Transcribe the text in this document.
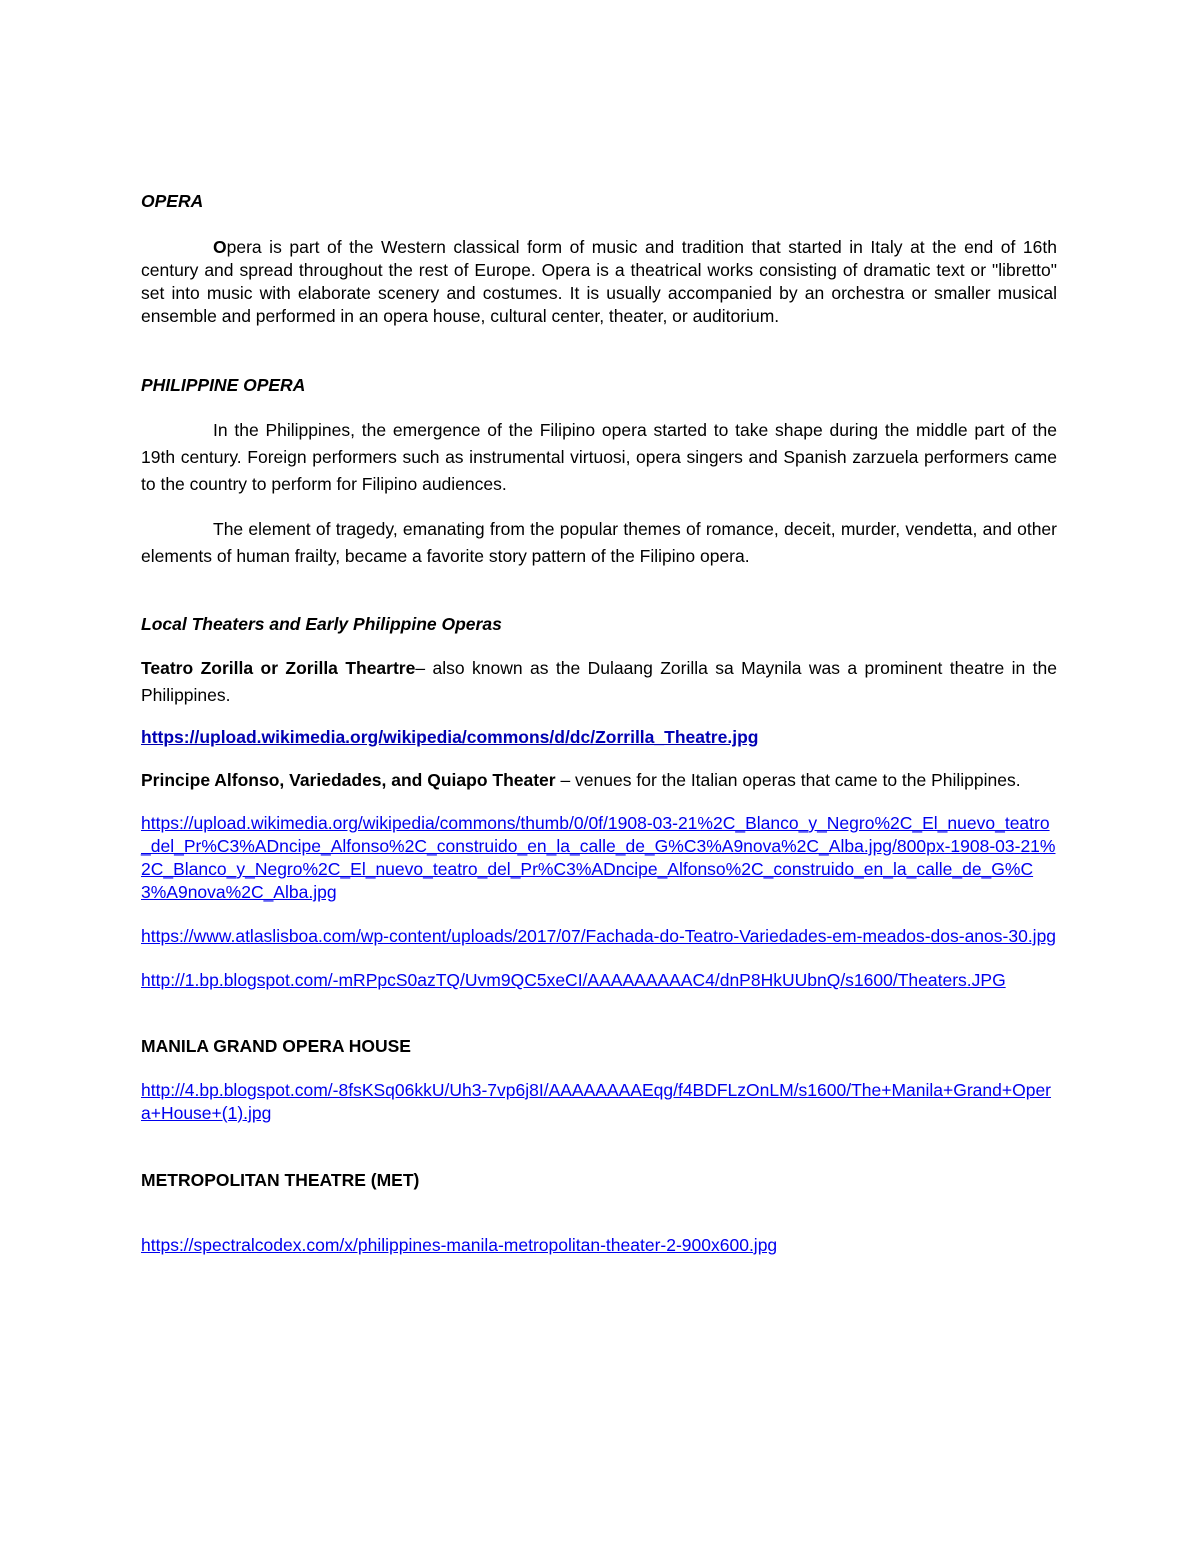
OPERA

Opera is part of the Western classical form of music and tradition that started in Italy at the end of 16th century and spread throughout the rest of Europe. Opera is a theatrical works consisting of dramatic text or "libretto" set into music with elaborate scenery and costumes. It is usually accompanied by an orchestra or smaller musical ensemble and performed in an opera house, cultural center, theater, or auditorium.

PHILIPPINE OPERA

In the Philippines, the emergence of the Filipino opera started to take shape during the middle part of the 19th century. Foreign performers such as instrumental virtuosi, opera singers and Spanish zarzuela performers came to the country to perform for Filipino audiences.

The element of tragedy, emanating from the popular themes of romance, deceit, murder, vendetta, and other elements of human frailty, became a favorite story pattern of the Filipino opera.

Local Theaters and Early Philippine Operas

Teatro Zorilla or Zorilla Theartre– also known as the Dulaang Zorilla sa Maynila was a prominent theatre in the Philippines.

https://upload.wikimedia.org/wikipedia/commons/d/dc/Zorrilla_Theatre.jpg

Principe Alfonso, Variedades, and Quiapo Theater – venues for the Italian operas that came to the Philippines.

https://upload.wikimedia.org/wikipedia/commons/thumb/0/0f/1908-03-21%2C_Blanco_y_Negro%2C_El_nuevo_teatro_del_Pr%C3%ADncipe_Alfonso%2C_construido_en_la_calle_de_G%C3%A9nova%2C_Alba.jpg/800px-1908-03-21%2C_Blanco_y_Negro%2C_El_nuevo_teatro_del_Pr%C3%ADncipe_Alfonso%2C_construido_en_la_calle_de_G%C3%A9nova%2C_Alba.jpg

https://www.atlaslisboa.com/wp-content/uploads/2017/07/Fachada-do-Teatro-Variedades-em-meados-dos-anos-30.jpg

http://1.bp.blogspot.com/-mRPpcS0azTQ/Uvm9QC5xeCI/AAAAAAAAAC4/dnP8HkUUbnQ/s1600/Theaters.JPG

MANILA GRAND OPERA HOUSE

http://4.bp.blogspot.com/-8fsKSq06kkU/Uh3-7vp6j8I/AAAAAAAAEqg/f4BDFLzOnLM/s1600/The+Manila+Grand+Opera+House+(1).jpg

METROPOLITAN THEATRE (MET)

https://spectralcodex.com/x/philippines-manila-metropolitan-theater-2-900x600.jpg
